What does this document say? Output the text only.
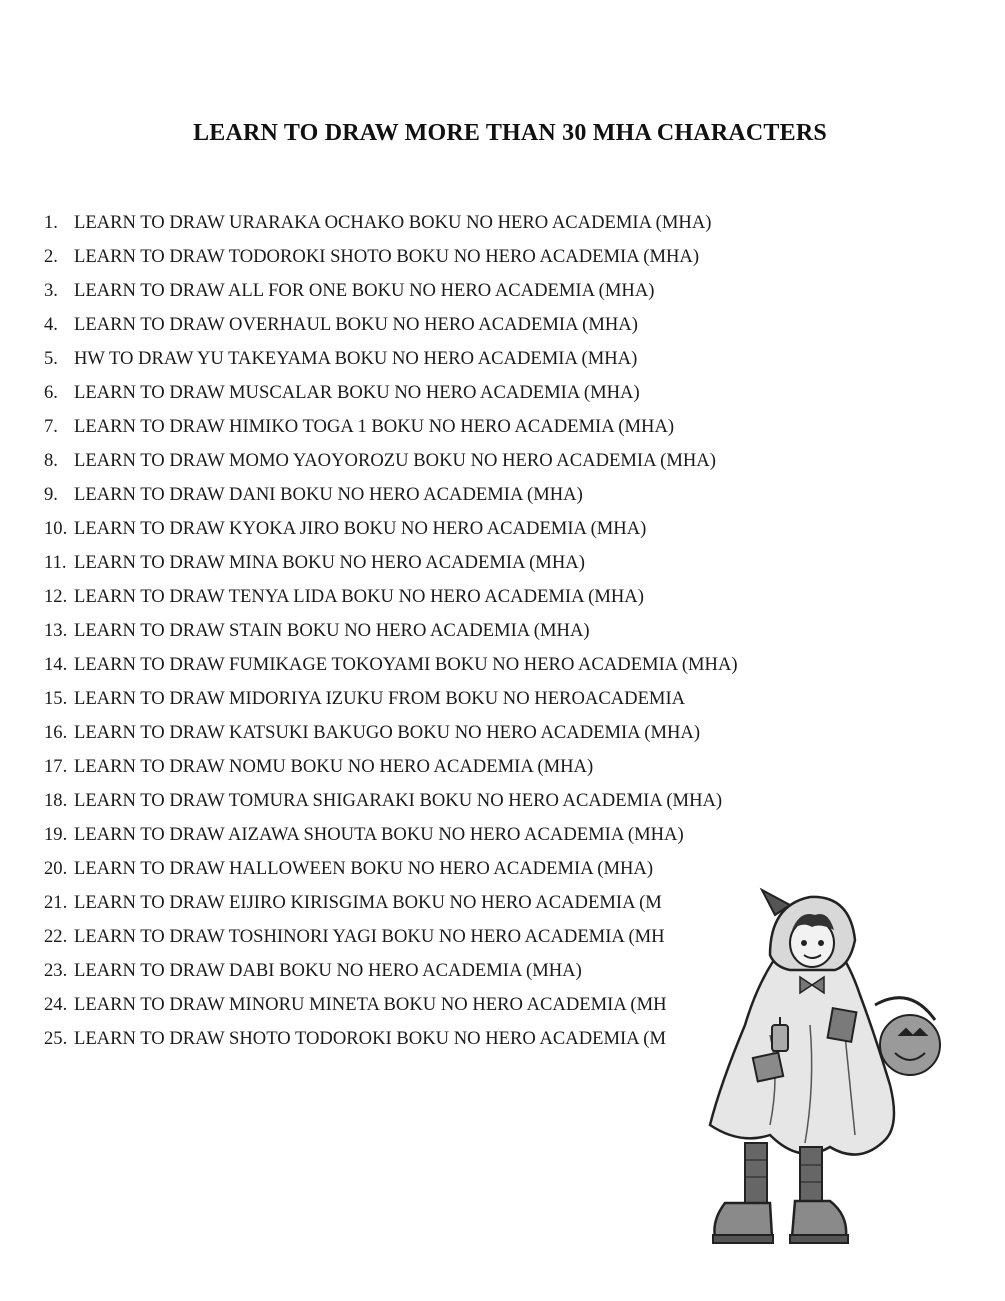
LEARN TO DRAW MORE THAN 30 MHA CHARACTERS
1. LEARN TO DRAW URARAKA OCHAKO BOKU NO HERO ACADEMIA (MHA)
2. LEARN TO DRAW TODOROKI SHOTO BOKU NO HERO ACADEMIA (MHA)
3. LEARN TO DRAW ALL FOR ONE BOKU NO HERO ACADEMIA (MHA)
4. LEARN TO DRAW OVERHAUL BOKU NO HERO ACADEMIA (MHA)
5. HW TO DRAW YU TAKEYAMA BOKU NO HERO ACADEMIA (MHA)
6. LEARN TO DRAW MUSCALAR BOKU NO HERO ACADEMIA (MHA)
7. LEARN TO DRAW HIMIKO TOGA 1 BOKU NO HERO ACADEMIA (MHA)
8. LEARN TO DRAW MOMO YAOYOROZU BOKU NO HERO ACADEMIA (MHA)
9. LEARN TO DRAW DANI BOKU NO HERO ACADEMIA (MHA)
10. LEARN TO DRAW KYOKA JIRO BOKU NO HERO ACADEMIA (MHA)
11. LEARN TO DRAW MINA BOKU NO HERO ACADEMIA (MHA)
12. LEARN TO DRAW TENYA LIDA BOKU NO HERO ACADEMIA (MHA)
13. LEARN TO DRAW STAIN BOKU NO HERO ACADEMIA (MHA)
14. LEARN TO DRAW FUMIKAGE TOKOYAMI BOKU NO HERO ACADEMIA (MHA)
15. LEARN TO DRAW MIDORIYA IZUKU FROM BOKU NO HEROACADEMIA
16. LEARN TO DRAW KATSUKI BAKUGO BOKU NO HERO ACADEMIA (MHA)
17. LEARN TO DRAW NOMU BOKU NO HERO ACADEMIA (MHA)
18. LEARN TO DRAW TOMURA SHIGARAKI BOKU NO HERO ACADEMIA (MHA)
19. LEARN TO DRAW AIZAWA SHOUTA BOKU NO HERO ACADEMIA (MHA)
20. LEARN TO DRAW HALLOWEEN BOKU NO HERO ACADEMIA (MHA)
21. LEARN TO DRAW EIJIRO KIRISGIMA BOKU NO HERO ACADEMIA (M
22. LEARN TO DRAW TOSHINORI YAGI BOKU NO HERO ACADEMIA (MH
23. LEARN TO DRAW DABI BOKU NO HERO ACADEMIA (MHA)
24. LEARN TO DRAW MINORU MINETA BOKU NO HERO ACADEMIA (MH
25. LEARN TO DRAW SHOTO TODOROKI BOKU NO HERO ACADEMIA (M
